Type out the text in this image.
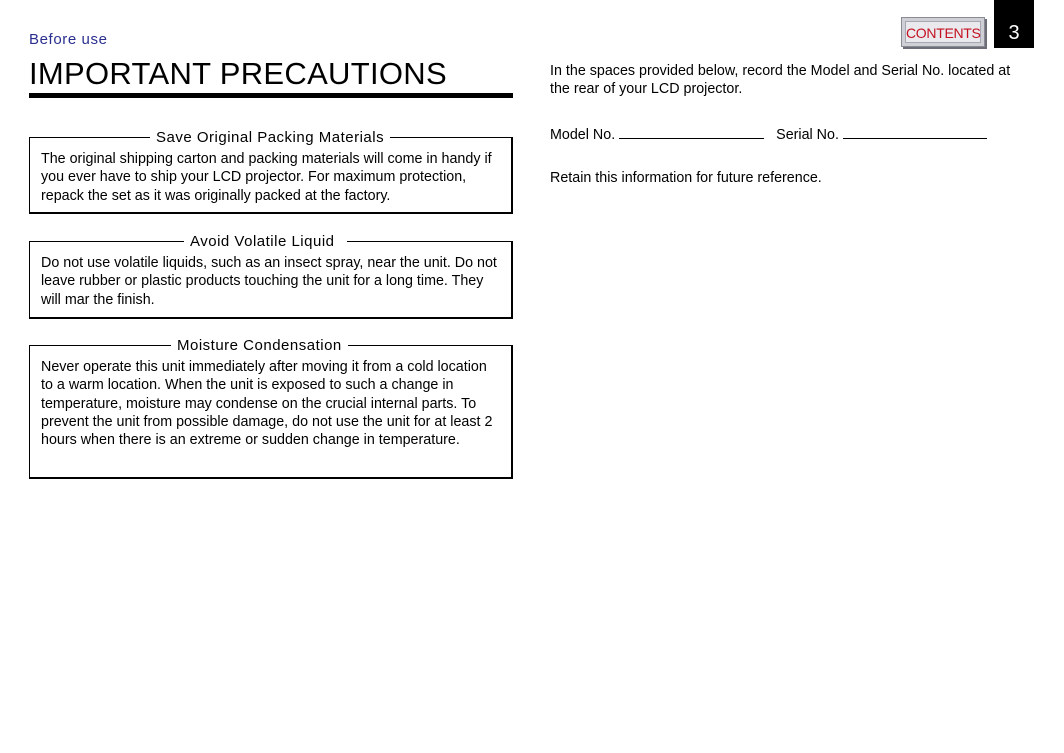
Before use
IMPORTANT PRECAUTIONS
CONTENTS	3
Save Original Packing Materials
The original shipping carton and packing materials will come in handy if you ever have to ship your LCD projector. For maximum protection, repack the set as it was originally packed at the factory.
Avoid Volatile Liquid
Do not use volatile liquids, such as an insect spray, near the unit. Do not leave rubber or plastic products touching the unit for a long time. They will mar the finish.
Moisture Condensation
Never operate this unit immediately after moving it from a cold location to a warm location. When the unit is exposed to such a change in temperature, moisture may condense on the crucial internal parts. To prevent the unit from possible damage, do not use the unit for at least 2 hours when there is an extreme or sudden change in temperature.
In the spaces provided below, record the Model and Serial No. located at the rear of your LCD projector.
Model No.	Serial No.
Retain this information for future reference.
